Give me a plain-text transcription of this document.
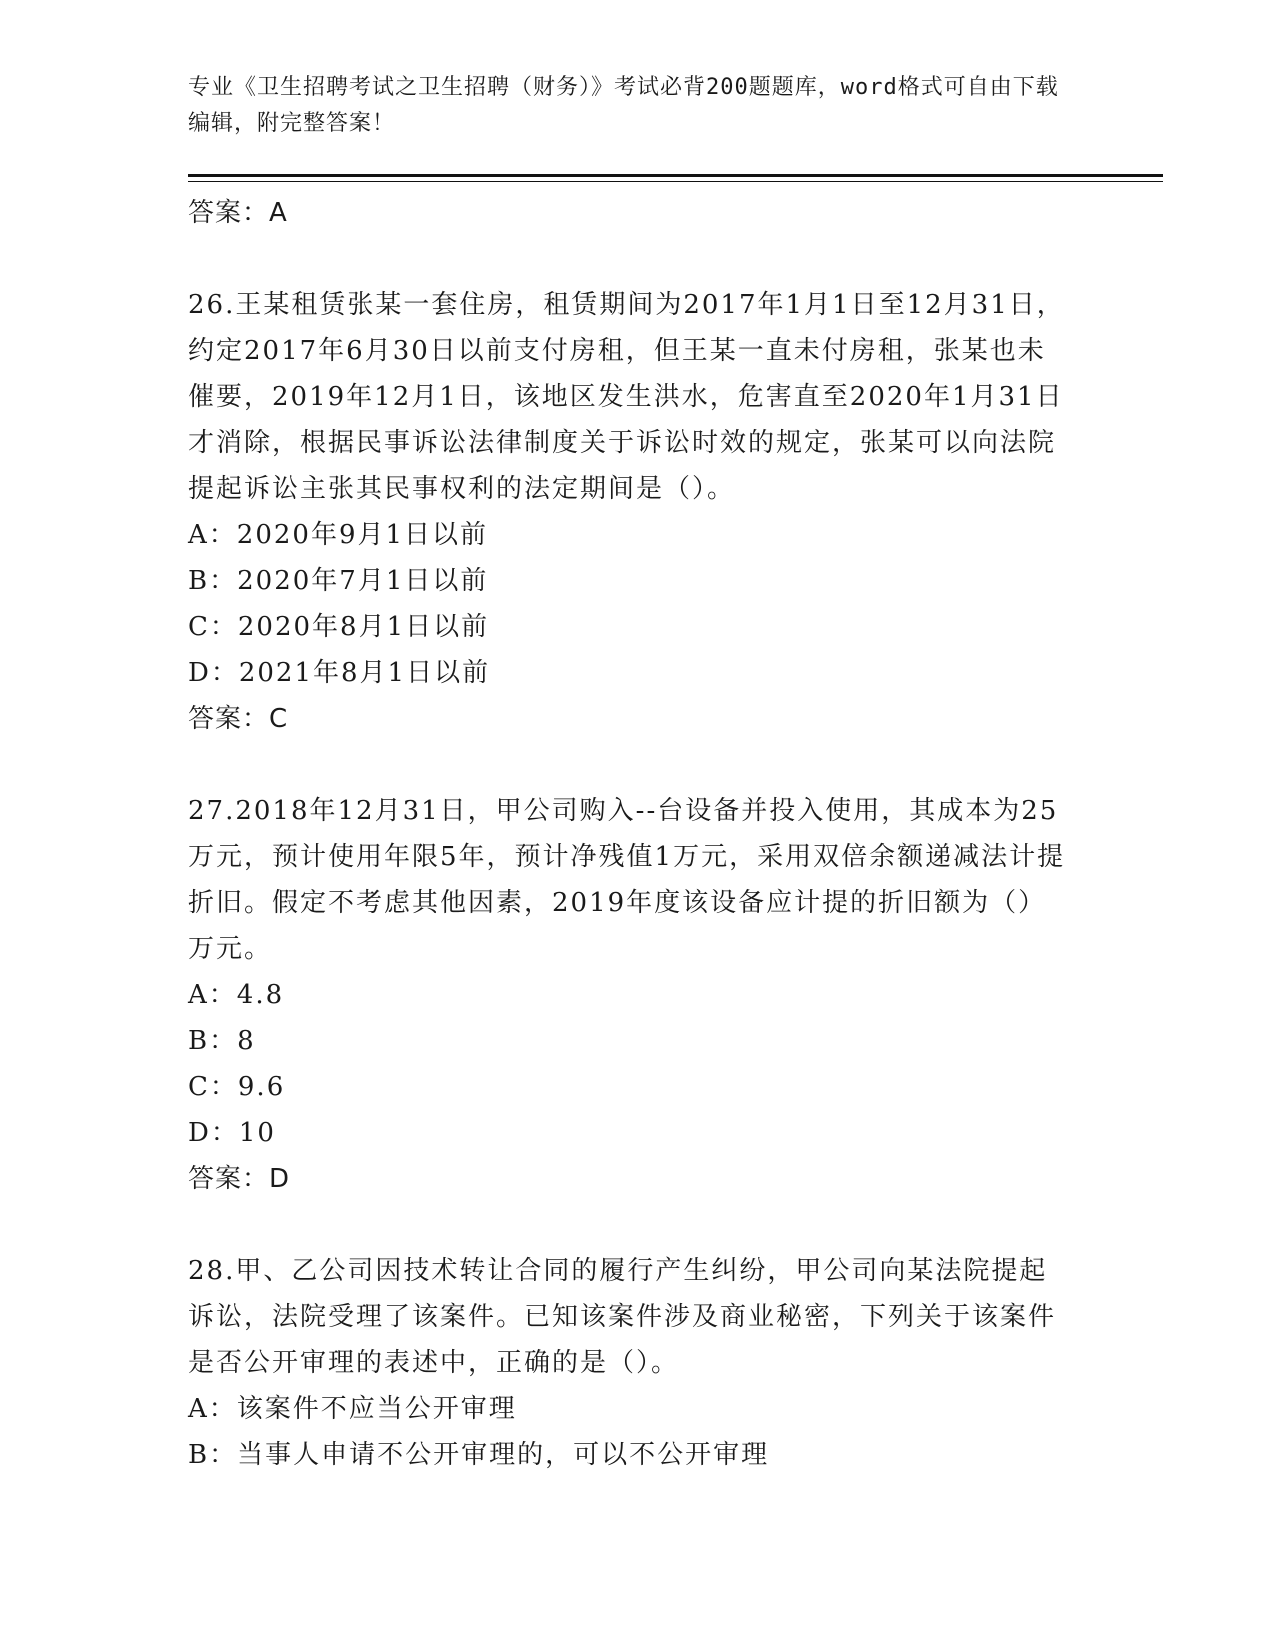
专业《卫生招聘考试之卫生招聘（财务）》考试必背200题题库，word格式可自由下载编辑，附完整答案！
答案：A

26.王某租赁张某一套住房，租赁期间为2017年1月1日至12月31日，约定2017年6月30日以前支付房租，但王某一直未付房租，张某也未催要，2019年12月1日，该地区发生洪水，危害直至2020年1月31日才消除，根据民事诉讼法律制度关于诉讼时效的规定，张某可以向法院提起诉讼主张其民事权利的法定期间是（）。

A：2020年9月1日以前
B：2020年7月1日以前
C：2020年8月1日以前
D：2021年8月1日以前
答案：C

27.2018年12月31日，甲公司购入--台设备并投入使用，其成本为25万元，预计使用年限5年，预计净残值1万元，采用双倍余额递减法计提折旧。假定不考虑其他因素，2019年度该设备应计提的折旧额为（）万元。

A：4.8
B：8
C：9.6
D：10
答案：D

28.甲、乙公司因技术转让合同的履行产生纠纷，甲公司向某法院提起诉讼，法院受理了该案件。已知该案件涉及商业秘密，下列关于该案件是否公开审理的表述中，正确的是（）。

A：该案件不应当公开审理
B：当事人申请不公开审理的，可以不公开审理
